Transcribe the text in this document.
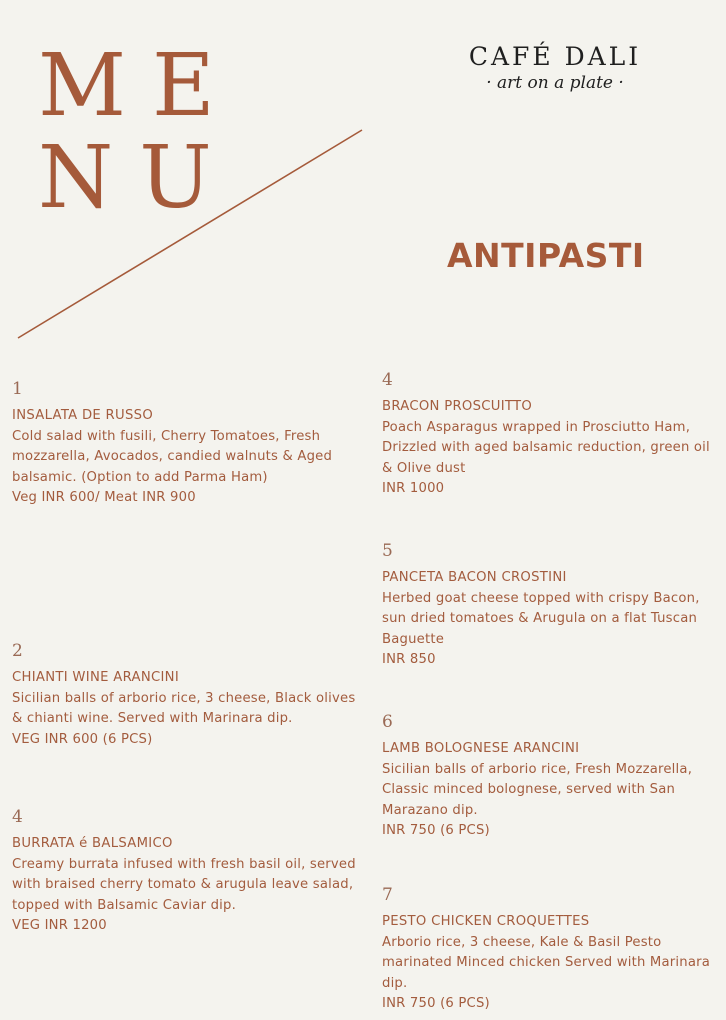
ME
NU
CAFÉ DALI
· art on a plate ·
ANTIPASTI
1
INSALATA DE RUSSO
Cold salad with fusili, Cherry Tomatoes, Fresh mozzarella, Avocados, candied walnuts & Aged balsamic. (Option to add Parma Ham)
Veg INR 600/ Meat INR 900
2
CHIANTI WINE ARANCINI
Sicilian balls of arborio rice, 3 cheese, Black olives & chianti wine. Served with Marinara dip.
VEG INR 600 (6 PCS)
4
BURRATA é BALSAMICO
Creamy burrata infused with fresh basil oil, served with braised cherry tomato & arugula leave salad, topped with Balsamic Caviar dip.
VEG INR 1200
4
BRACON PROSCUITTO
Poach Asparagus wrapped in Prosciutto Ham, Drizzled with aged balsamic reduction, green oil & Olive dust
INR 1000
5
PANCETA BACON CROSTINI
Herbed goat cheese topped with crispy Bacon, sun dried tomatoes & Arugula on a flat Tuscan Baguette
INR 850
6
LAMB BOLOGNESE ARANCINI
Sicilian balls of arborio rice, Fresh Mozzarella, Classic minced bolognese, served with San Marazano dip.
INR 750 (6 PCS)
7
PESTO CHICKEN CROQUETTES
Arborio rice, 3 cheese, Kale & Basil Pesto marinated Minced chicken Served with Marinara dip.
INR 750 (6 PCS)
